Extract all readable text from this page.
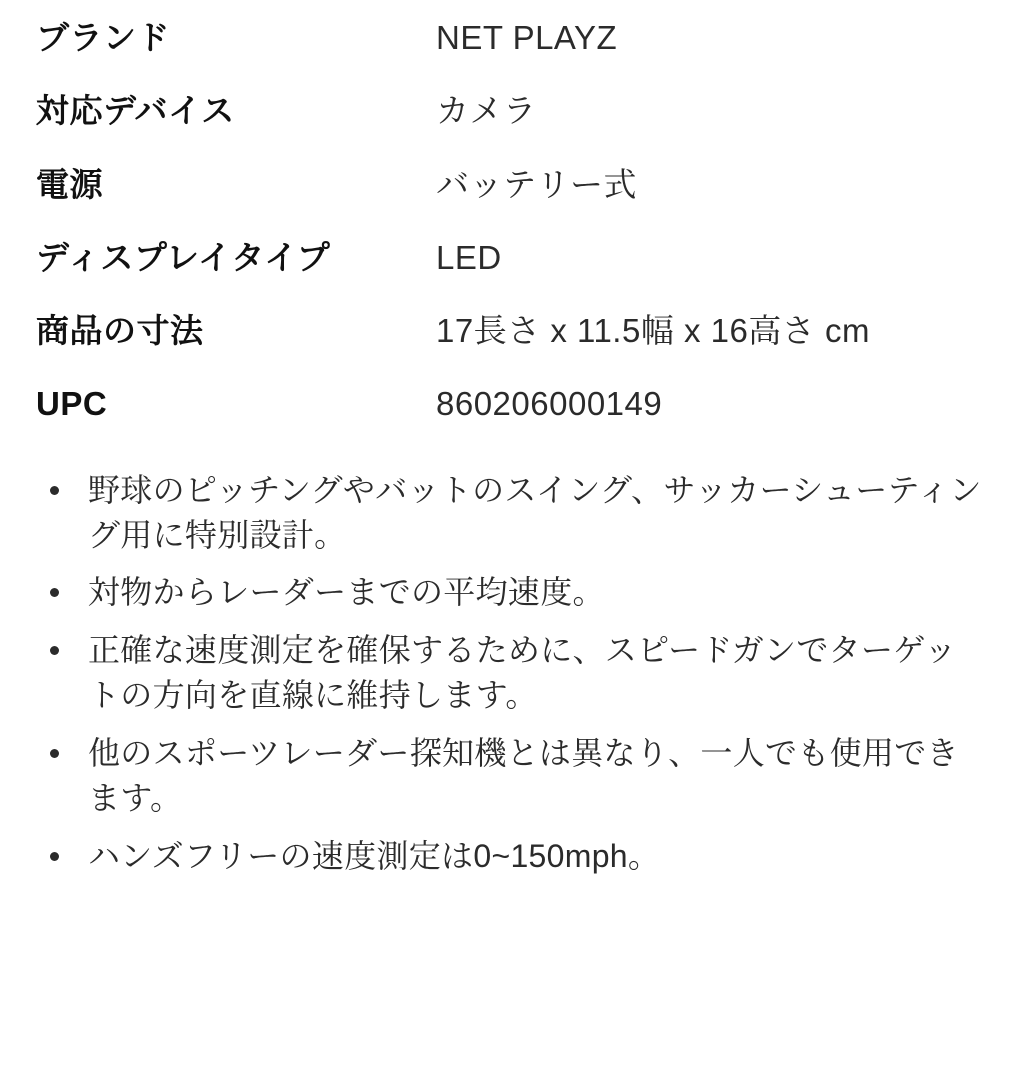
ブランド	NET PLAYZ
対応デバイス	カメラ
電源	バッテリー式
ディスプレイタイプ	LED
商品の寸法	17長さ x 11.5幅 x 16高さ cm
UPC	860206000149
野球のピッチングやバットのスイング、サッカーシューティング用に特別設計。
対物からレーダーまでの平均速度。
正確な速度測定を確保するために、スピードガンでターゲットの方向を直線に維持します。
他のスポーツレーダー探知機とは異なり、一人でも使用できます。
ハンズフリーの速度測定は0~150mph。
